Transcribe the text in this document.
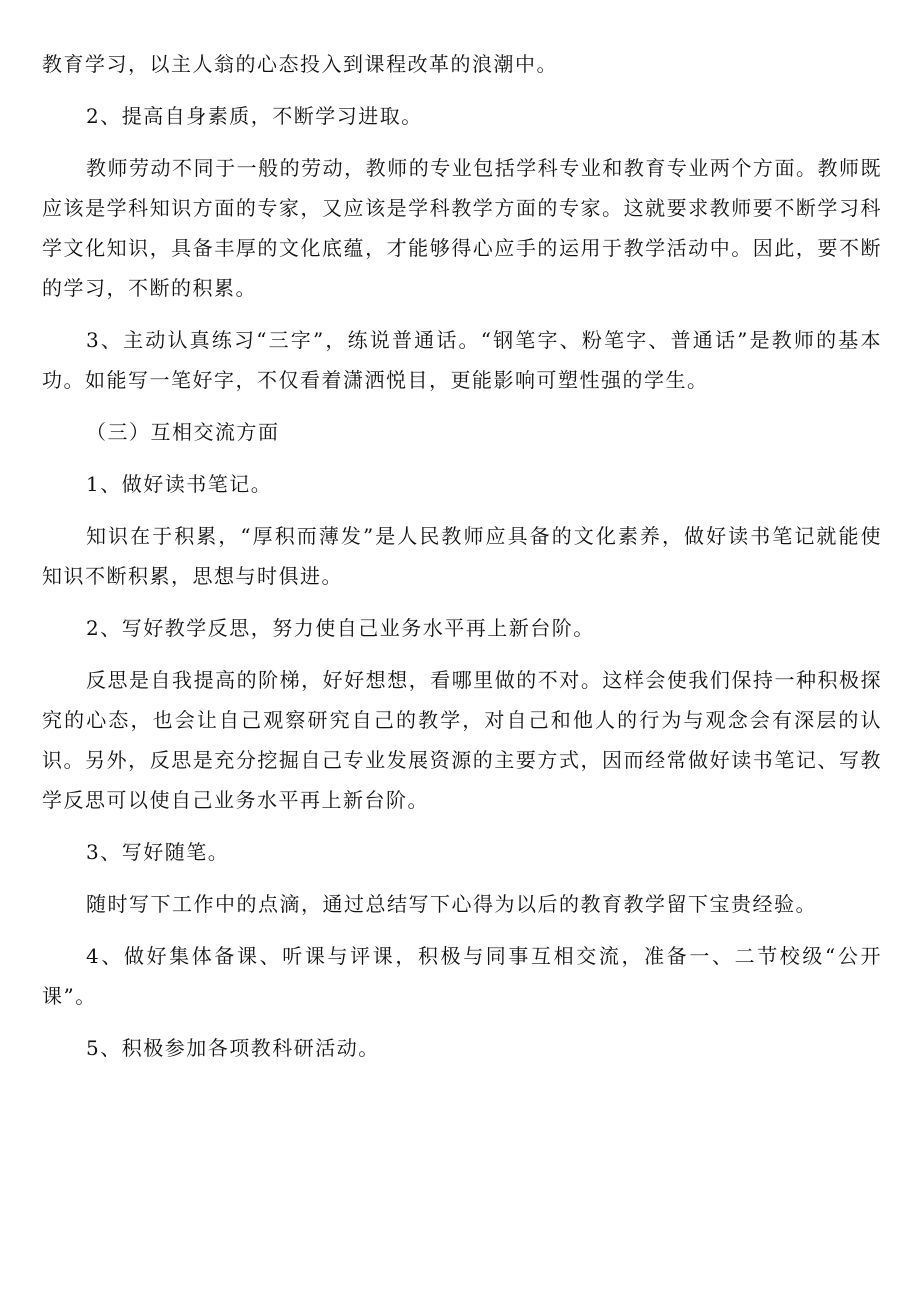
教育学习，以主人翁的心态投入到课程改革的浪潮中。

2、提高自身素质，不断学习进取。

教师劳动不同于一般的劳动，教师的专业包括学科专业和教育专业两个方面。教师既应该是学科知识方面的专家，又应该是学科教学方面的专家。这就要求教师要不断学习科学文化知识，具备丰厚的文化底蕴，才能够得心应手的运用于教学活动中。因此，要不断的学习，不断的积累。

3、主动认真练习“三字”，练说普通话。“钢笔字、粉笔字、普通话”是教师的基本功。如能写一笔好字，不仅看着潇洒悦目，更能影响可塑性强的学生。

（三）互相交流方面

1、做好读书笔记。

知识在于积累，“厚积而薄发”是人民教师应具备的文化素养，做好读书笔记就能使知识不断积累，思想与时俱进。

2、写好教学反思，努力使自己业务水平再上新台阶。

反思是自我提高的阶梯，好好想想，看哪里做的不对。这样会使我们保持一种积极探究的心态，也会让自己观察研究自己的教学，对自己和他人的行为与观念会有深层的认识。另外，反思是充分挖掘自己专业发展资源的主要方式，因而经常做好读书笔记、写教学反思可以使自己业务水平再上新台阶。

3、写好随笔。

随时写下工作中的点滴，通过总结写下心得为以后的教育教学留下宝贵经验。

4、做好集体备课、听课与评课，积极与同事互相交流，准备一、二节校级“公开课”。

5、积极参加各项教科研活动。
